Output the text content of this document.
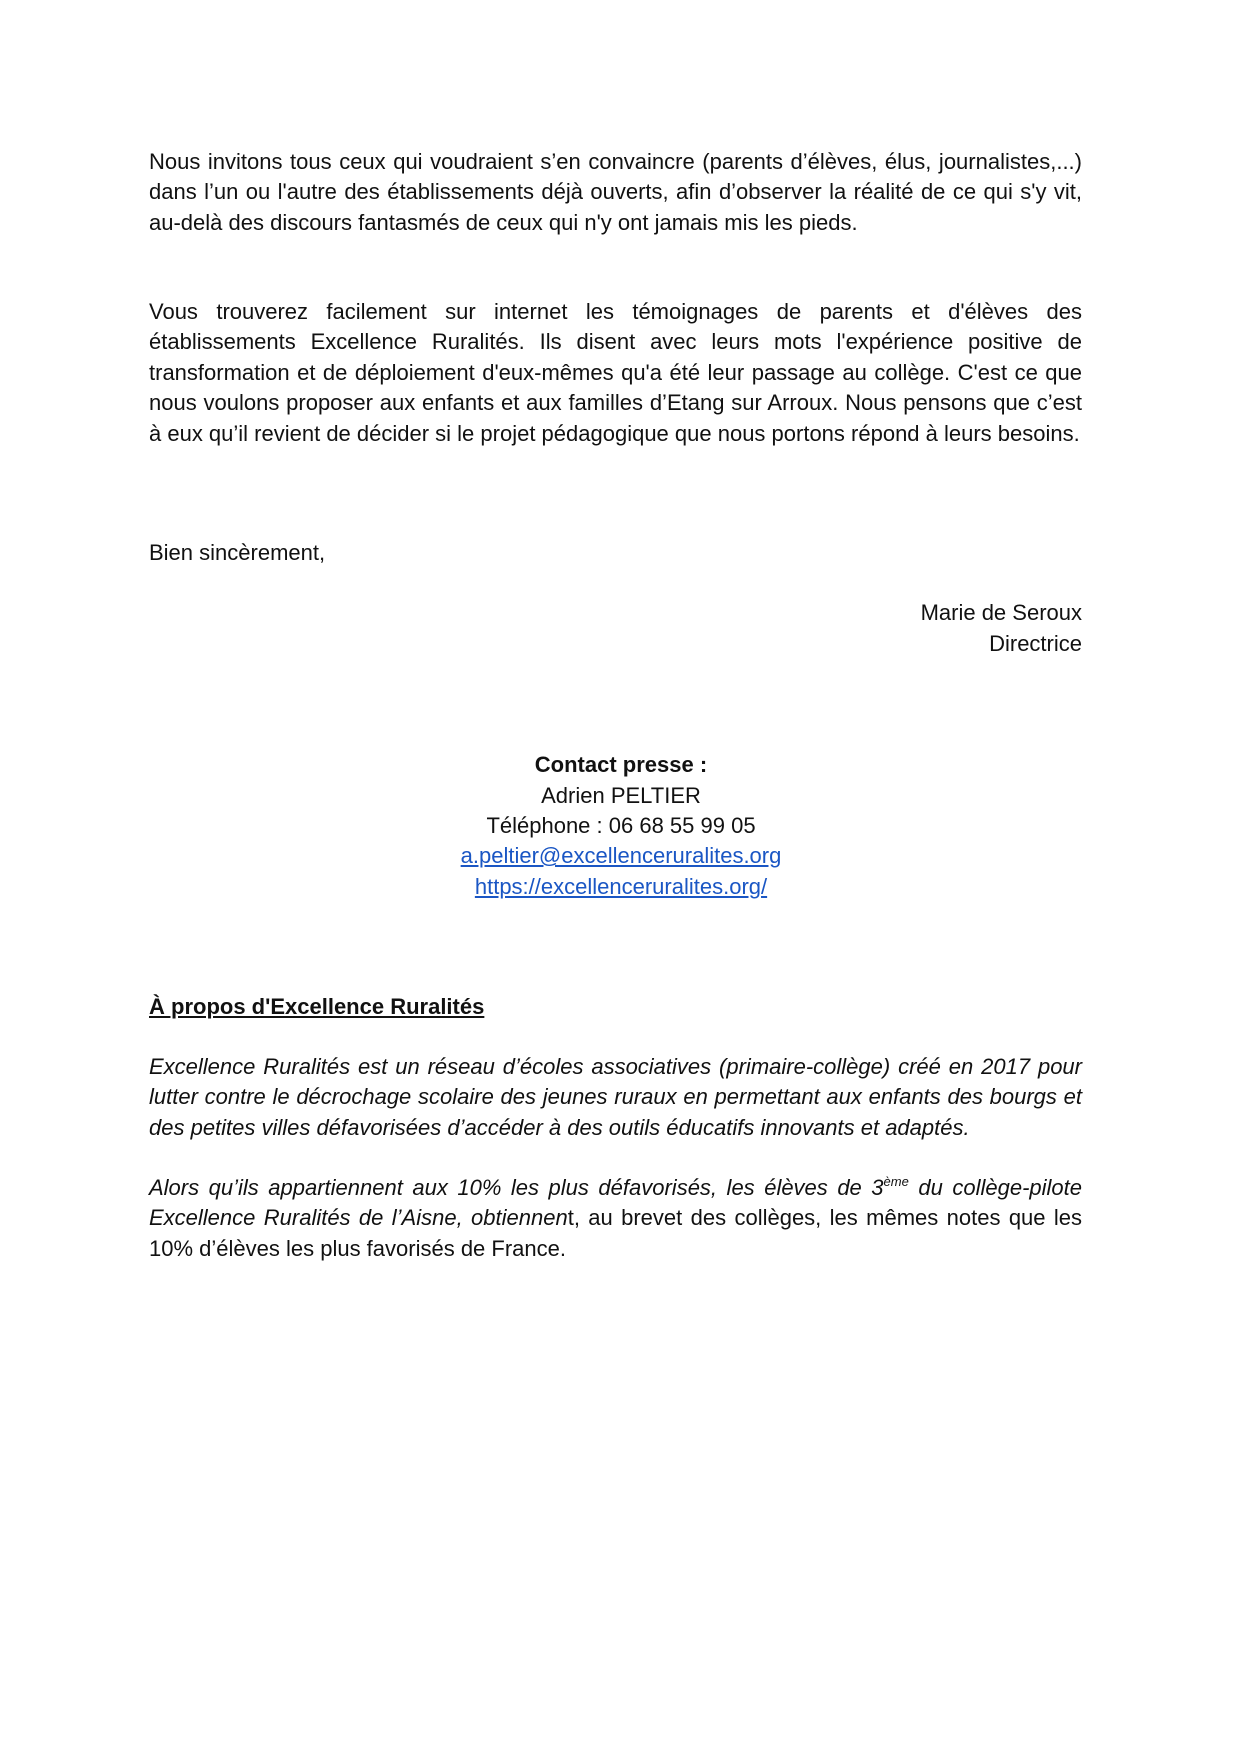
Nous invitons tous ceux qui voudraient s’en convaincre (parents d’élèves, élus, journalistes,...) dans l’un ou l'autre des établissements déjà ouverts, afin d’observer la réalité de ce qui s'y vit, au-delà des discours fantasmés de ceux qui n'y ont jamais mis les pieds.

Vous trouverez facilement sur internet les témoignages de parents et d'élèves des établissements Excellence Ruralités. Ils disent avec leurs mots l'expérience positive de transformation et de déploiement d'eux-mêmes qu'a été leur passage au collège. C'est ce que nous voulons proposer aux enfants et aux familles d’Etang sur Arroux. Nous pensons que c’est à eux qu’il revient de décider si le projet pédagogique que nous portons répond à leurs besoins.

Bien sincèrement,

Marie de Seroux

Directrice

Contact presse :

Adrien PELTIER

Téléphone : 06 68 55 99 05

a.peltier@excellenceruralites.org

https://excellenceruralites.org/

À propos d'Excellence Ruralités

Excellence Ruralités est un réseau d’écoles associatives (primaire-collège) créé en 2017 pour lutter contre le décrochage scolaire des jeunes ruraux en permettant aux enfants des bourgs et des petites villes défavorisées d’accéder à des outils éducatifs innovants et adaptés.

Alors qu’ils appartiennent aux 10% les plus défavorisés, les élèves de 3ème du collège-pilote Excellence Ruralités de l’Aisne, obtiennent, au brevet des collèges, les mêmes notes que les 10% d’élèves les plus favorisés de France.
